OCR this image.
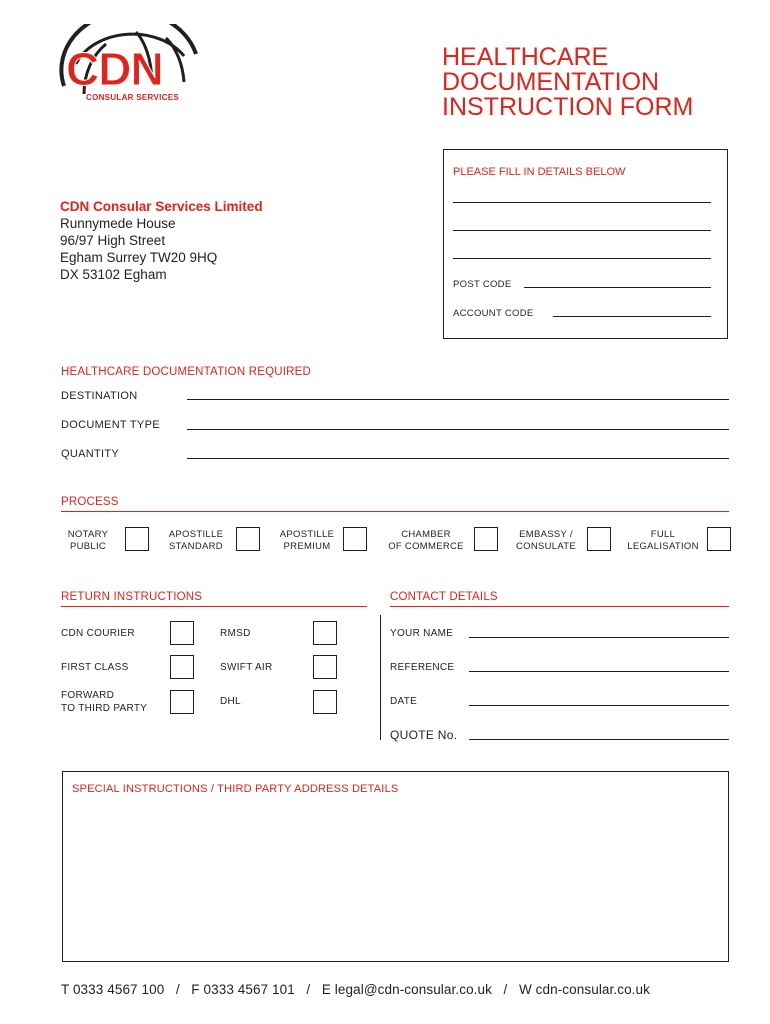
CDN
CONSULAR SERVICES
HEALTHCARE
DOCUMENTATION
INSTRUCTION FORM
CDN Consular Services Limited
Runnymede House
96/97 High Street
Egham Surrey TW20 9HQ
DX 53102 Egham
PLEASE FILL IN DETAILS BELOW
POST CODE
ACCOUNT CODE
HEALTHCARE DOCUMENTATION REQUIRED
DESTINATION
DOCUMENT TYPE
QUANTITY
PROCESS
NOTARY
PUBLIC
APOSTILLE
STANDARD
APOSTILLE
PREMIUM
CHAMBER
OF COMMERCE
EMBASSY /
CONSULATE
FULL
LEGALISATION
RETURN INSTRUCTIONS
CDN COURIER	RMSD
FIRST CLASS	SWIFT AIR
FORWARD
TO THIRD PARTY
DHL
CONTACT DETAILS
YOUR NAME
REFERENCE
DATE
QUOTE No.
SPECIAL INSTRUCTIONS / THIRD PARTY ADDRESS DETAILS
T 0333 4567 100   /   F 0333 4567 101   /   E legal@cdn-consular.co.uk   /   W cdn-consular.co.uk
